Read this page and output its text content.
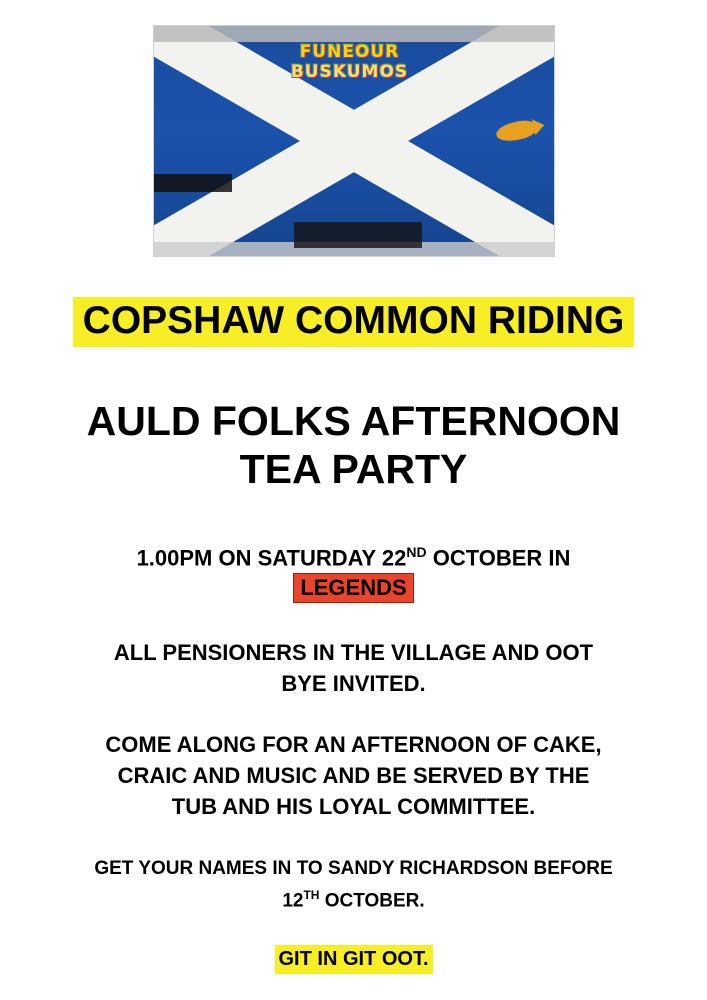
FUNEOUR
BUSKUMOS
COPSHAW COMMON RIDING
AULD FOLKS AFTERNOON
TEA PARTY
1.00PM ON SATURDAY 22ND OCTOBER IN
LEGENDS
ALL PENSIONERS IN THE VILLAGE AND OOT
BYE INVITED.
COME ALONG FOR AN AFTERNOON OF CAKE,
CRAIC AND MUSIC AND BE SERVED BY THE
TUB AND HIS LOYAL COMMITTEE.
GET YOUR NAMES IN TO SANDY RICHARDSON BEFORE
12TH OCTOBER.
GIT IN GIT OOT.
